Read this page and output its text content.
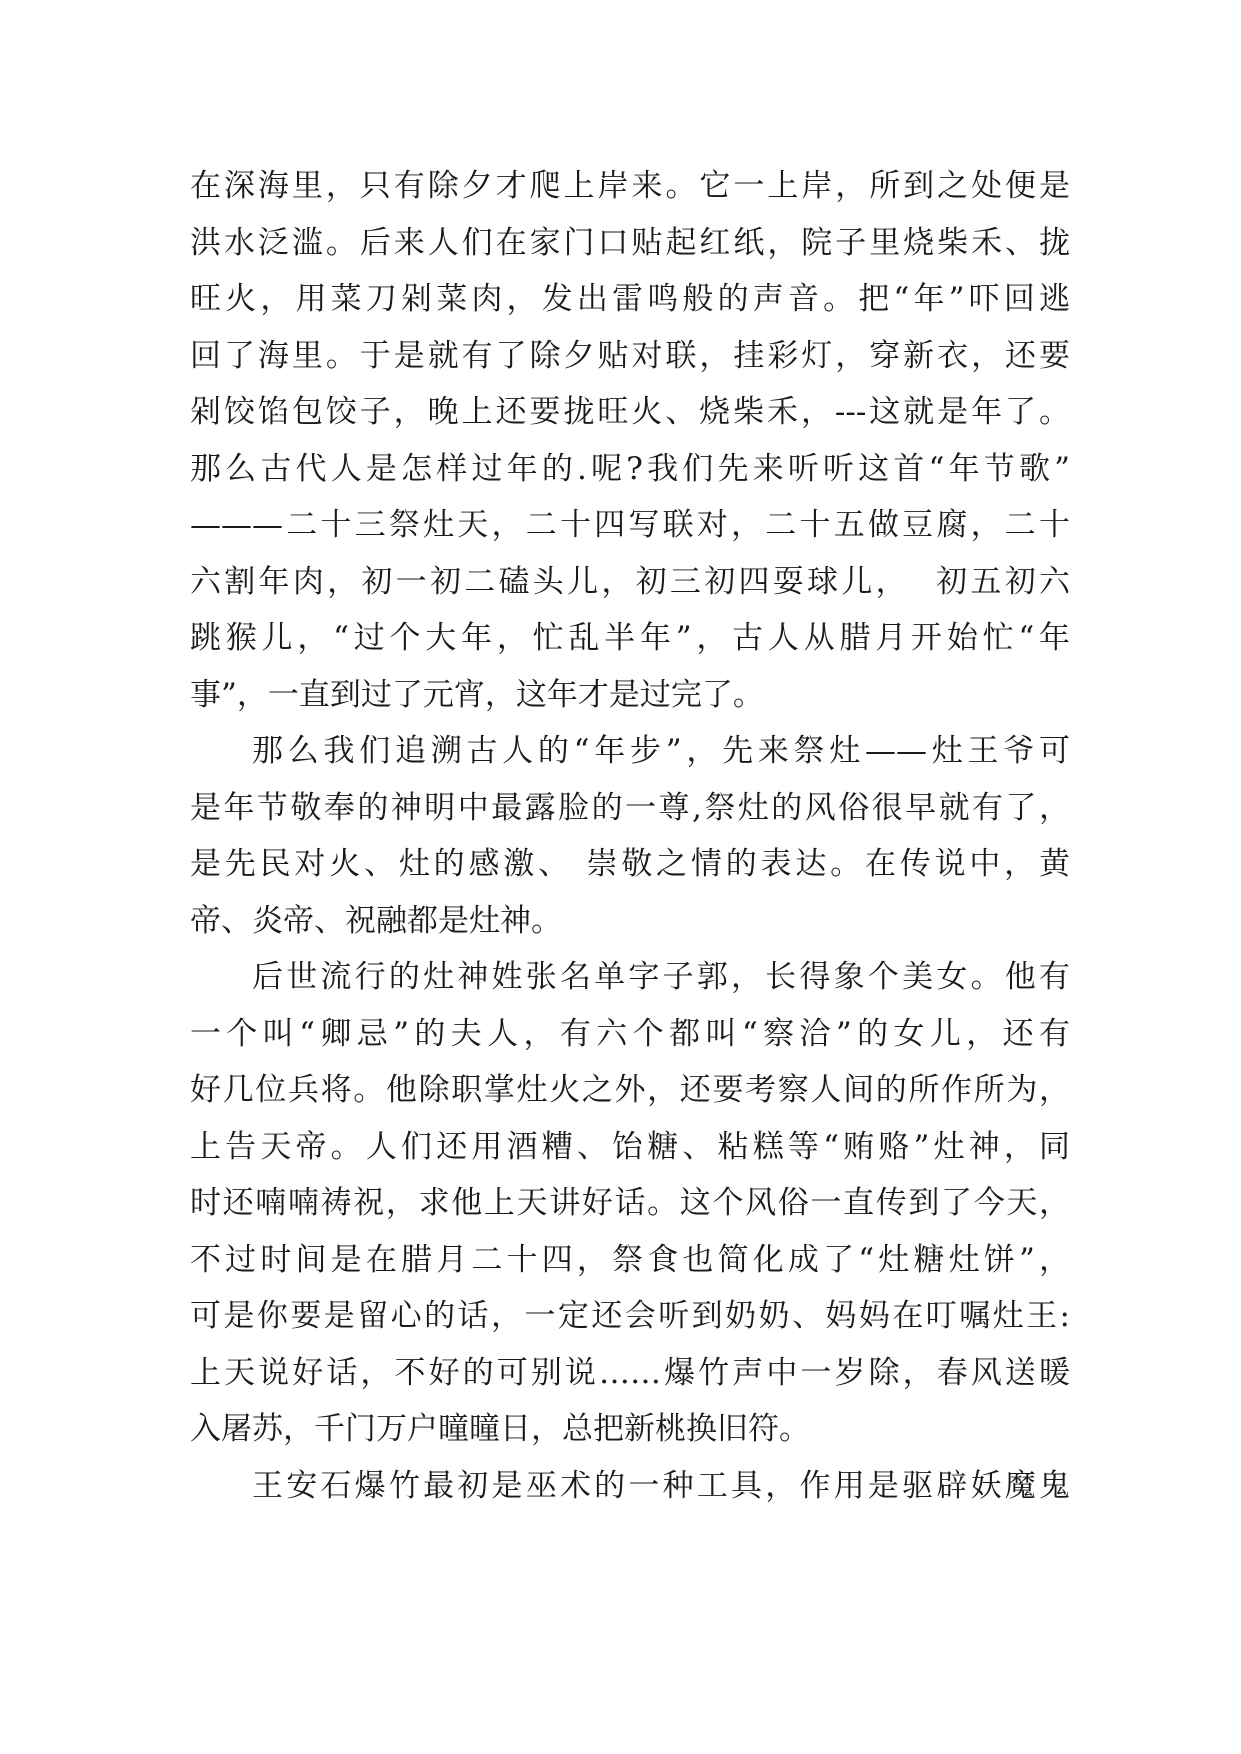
在深海里，只有除夕才爬上岸来。它一上岸，所到之处便是
洪水泛滥。后来人们在家门口贴起红纸，院子里烧柴禾、拢
旺火，用菜刀剁菜肉，发出雷鸣般的声音。把“年”吓回逃
回了海里。于是就有了除夕贴对联，挂彩灯，穿新衣，还要
剁饺馅包饺子，晚上还要拢旺火、烧柴禾，---这就是年了。
那么古代人是怎样过年的.呢?我们先来听听这首“年节歌”
———二十三祭灶天，二十四写联对，二十五做豆腐，二十
六割年肉，初一初二磕头儿，初三初四耍球儿，  初五初六
跳猴儿，“过个大年，忙乱半年”，古人从腊月开始忙“年
事”，一直到过了元宵，这年才是过完了。
那么我们追溯古人的“年步”，先来祭灶——灶王爷可
是年节敬奉的神明中最露脸的一尊,祭灶的风俗很早就有了，
是先民对火、灶的感激、 崇敬之情的表达。在传说中，黄
帝、炎帝、祝融都是灶神。
后世流行的灶神姓张名单字子郭，长得象个美女。他有
一个叫“卿忌”的夫人，有六个都叫“察洽”的女儿，还有
好几位兵将。他除职掌灶火之外，还要考察人间的所作所为，
上告天帝。人们还用酒糟、饴糖、粘糕等“贿赂”灶神，同
时还喃喃祷祝，求他上天讲好话。这个风俗一直传到了今天，
不过时间是在腊月二十四，祭食也简化成了“灶糖灶饼”，
可是你要是留心的话，一定还会听到奶奶、妈妈在叮嘱灶王:
上天说好话，不好的可别说……爆竹声中一岁除，春风送暖
入屠苏，千门万户曈曈日，总把新桃换旧符。
王安石爆竹最初是巫术的一种工具，作用是驱辟妖魔鬼
